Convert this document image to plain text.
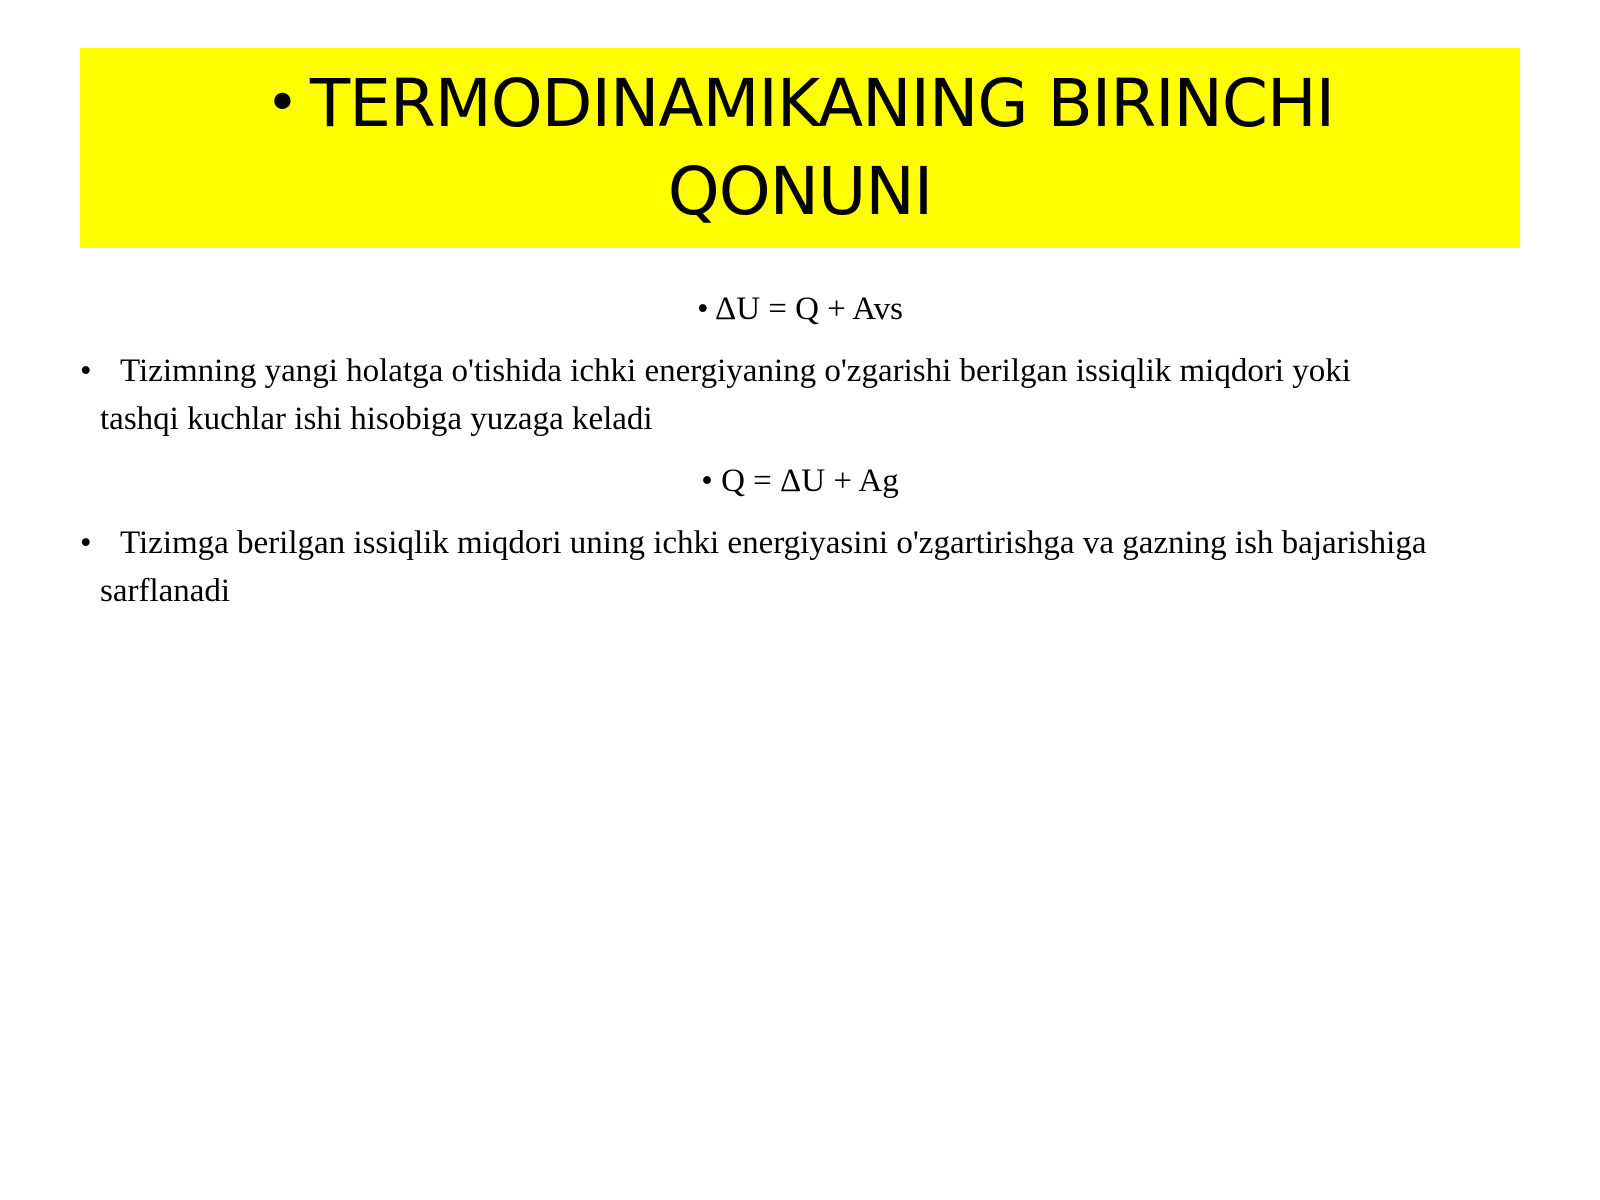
• TERMODINAMIKANING BIRINCHI
QONUNI
• ΔU = Q + Avs
• Tizimning yangi holatga o'tishida ichki energiyaning o'zgarishi berilgan issiqlik miqdori yoki
tashqi kuchlar ishi hisobiga yuzaga keladi
• Q = ΔU + Ag
• Tizimga berilgan issiqlik miqdori uning ichki energiyasini o'zgartirishga va gazning ish bajarishiga
sarflanadi
